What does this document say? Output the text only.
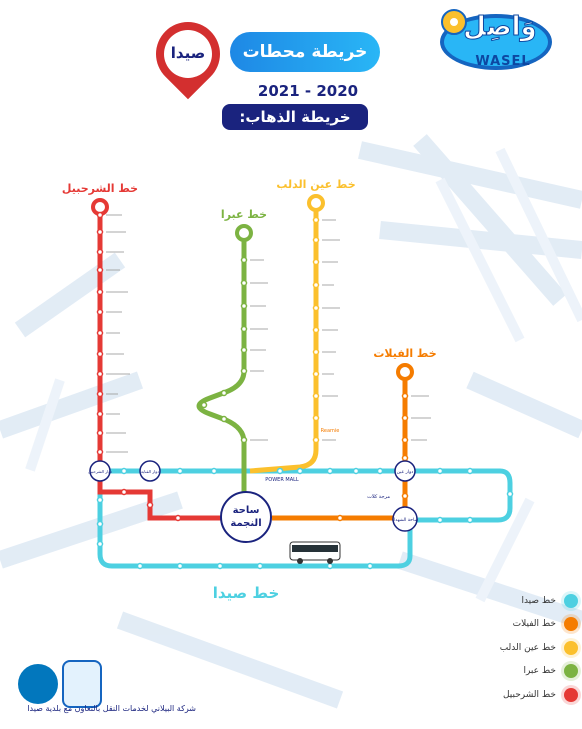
خط الشرحبيل
خط عبرا
خط عين الدلب
خط الفيلات
خط صيدا
ساحة
النجمة
دوار الشرحبيل	دوار القناية	دوار عين
ساحة الشهداء
POWER MALL
Reamie
مرجة كلات
صيدا	خريطة محطات
2021 - 2020
خريطة الذهاب:
وَاصِل
WASEL
خط صيدا
خط الفيلات
خط عين الدلب
خط عبرا
خط الشرحبيل
شركة البيلاني لخدمات النقل بالتعاون مع بلدية صيدا
